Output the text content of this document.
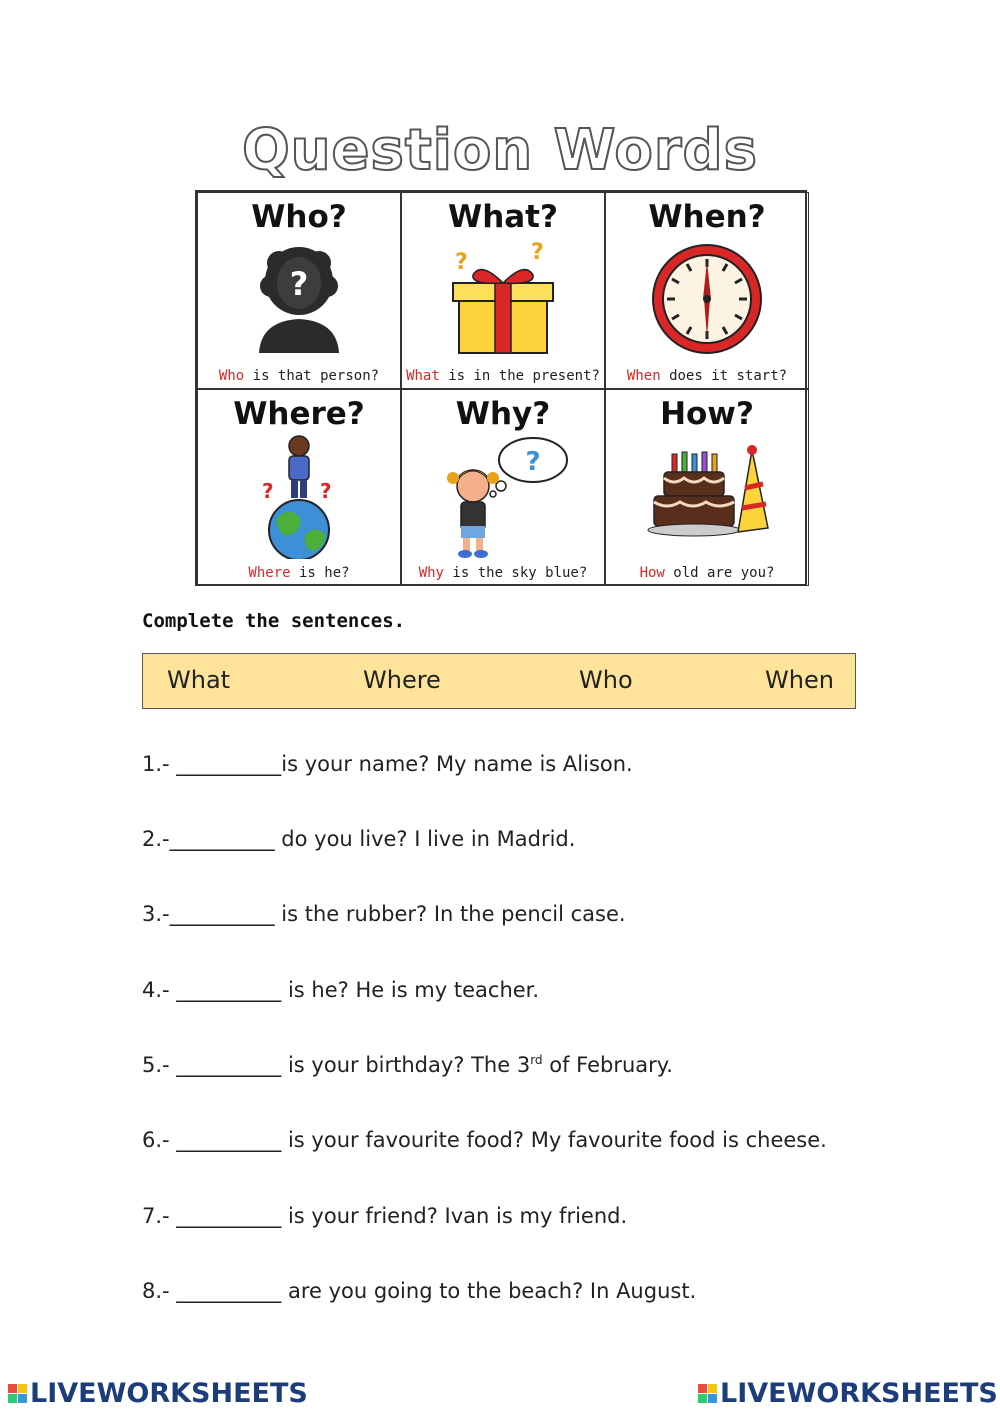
Question Words
Who?
?
Who is that person?
What?
?	?
What is in the present?
When?
When does it start?
Where?
? ?
Where is he?
Why?
?
Why is the sky blue?
How?
How old are you?
Complete the sentences.
What	Where	Who	When
1.- __________is your name? My name is Alison.
2.-__________ do you live? I live in Madrid.
3.-__________ is the rubber? In the pencil case.
4.- __________ is he? He is my teacher.
5.- __________ is your birthday? The 3rd of February.
6.- __________ is your favourite food? My favourite food is cheese.
7.- __________ is your friend? Ivan is my friend.
8.- __________ are you going to the beach? In August.
LIVEWORKSHEETS	LIVEWORKSHEETS
